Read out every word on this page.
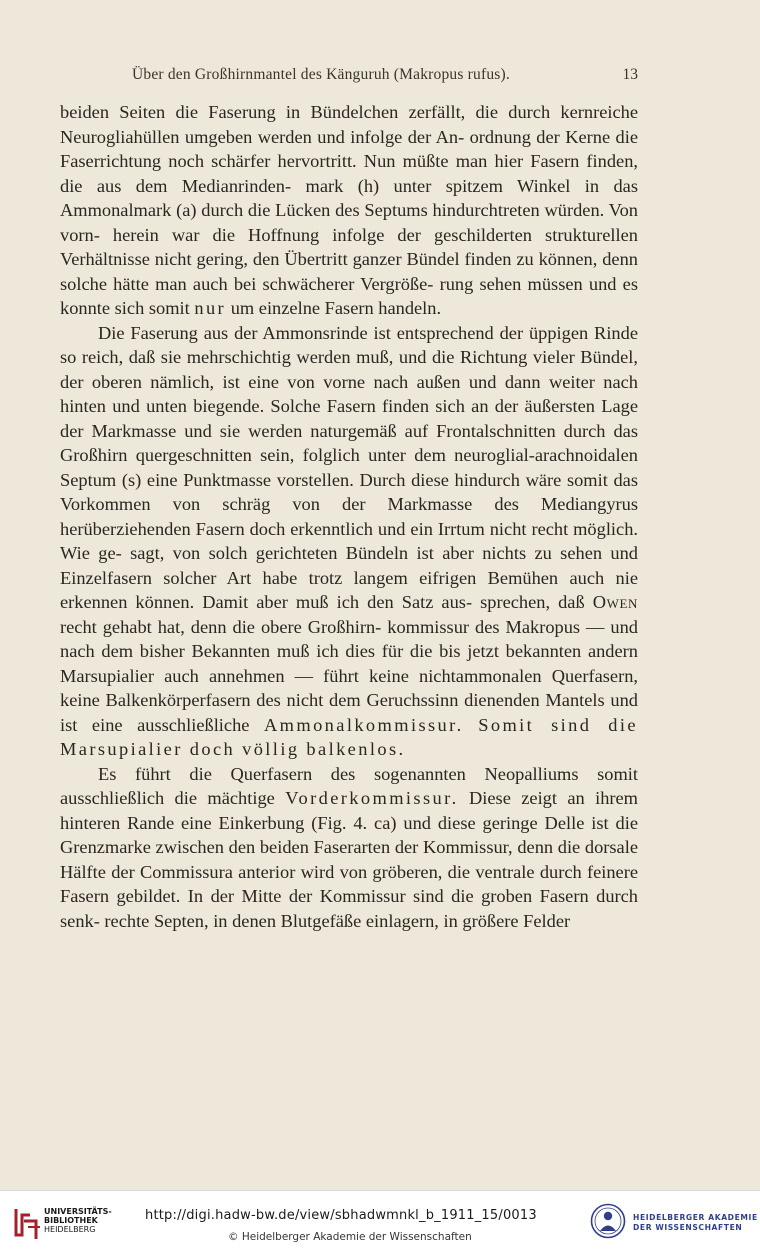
Über den Großhirnmantel des Känguruh (Makropus rufus).	13

beiden Seiten die Faserung in Bündelchen zerfällt, die durch kernreiche Neurogliahüllen umgeben werden und infolge der An- ordnung der Kerne die Faserrichtung noch schärfer hervortritt. Nun müßte man hier Fasern finden, die aus dem Medianrinden- mark (h) unter spitzem Winkel in das Ammonalmark (a) durch die Lücken des Septums hindurchtreten würden. Von vorn- herein war die Hoffnung infolge der geschilderten strukturellen Verhältnisse nicht gering, den Übertritt ganzer Bündel finden zu können, denn solche hätte man auch bei schwächerer Vergröße- rung sehen müssen und es konnte sich somit nur um einzelne Fasern handeln.

Die Faserung aus der Ammonsrinde ist entsprechend der üppigen Rinde so reich, daß sie mehrschichtig werden muß, und die Richtung vieler Bündel, der oberen nämlich, ist eine von vorne nach außen und dann weiter nach hinten und unten biegende. Solche Fasern finden sich an der äußersten Lage der Markmasse und sie werden naturgemäß auf Frontalschnitten durch das Großhirn quergeschnitten sein, folglich unter dem neuroglial-arachnoidalen Septum (s) eine Punktmasse vorstellen. Durch diese hindurch wäre somit das Vorkommen von schräg von der Markmasse des Mediangyrus herüberziehenden Fasern doch erkenntlich und ein Irrtum nicht recht möglich. Wie ge- sagt, von solch gerichteten Bündeln ist aber nichts zu sehen und Einzelfasern solcher Art habe trotz langem eifrigen Bemühen auch nie erkennen können. Damit aber muß ich den Satz aus- sprechen, daß Owen recht gehabt hat, denn die obere Großhirn- kommissur des Makropus — und nach dem bisher Bekannten muß ich dies für die bis jetzt bekannten andern Marsupialier auch annehmen — führt keine nichtammonalen Querfasern, keine Balkenkörperfasern des nicht dem Geruchssinn dienenden Mantels und ist eine ausschließliche Ammonalkommissur. Somit sind die Marsupialier doch völlig balkenlos.

Es führt die Querfasern des sogenannten Neopalliums somit ausschließlich die mächtige Vorderkommissur. Diese zeigt an ihrem hinteren Rande eine Einkerbung (Fig. 4. ca) und diese geringe Delle ist die Grenzmarke zwischen den beiden Faserarten der Kommissur, denn die dorsale Hälfte der Commissura anterior wird von gröberen, die ventrale durch feinere Fasern gebildet. In der Mitte der Kommissur sind die groben Fasern durch senk- rechte Septen, in denen Blutgefäße einlagern, in größere Felder

UNIVERSITÄTS-
BIBLIOTHEK
HEIDELBERG
http://digi.hadw-bw.de/view/sbhadwmnkl_b_1911_15/0013
© Heidelberger Akademie der Wissenschaften
HEIDELBERGER AKADEMIE
DER WISSENSCHAFTEN
